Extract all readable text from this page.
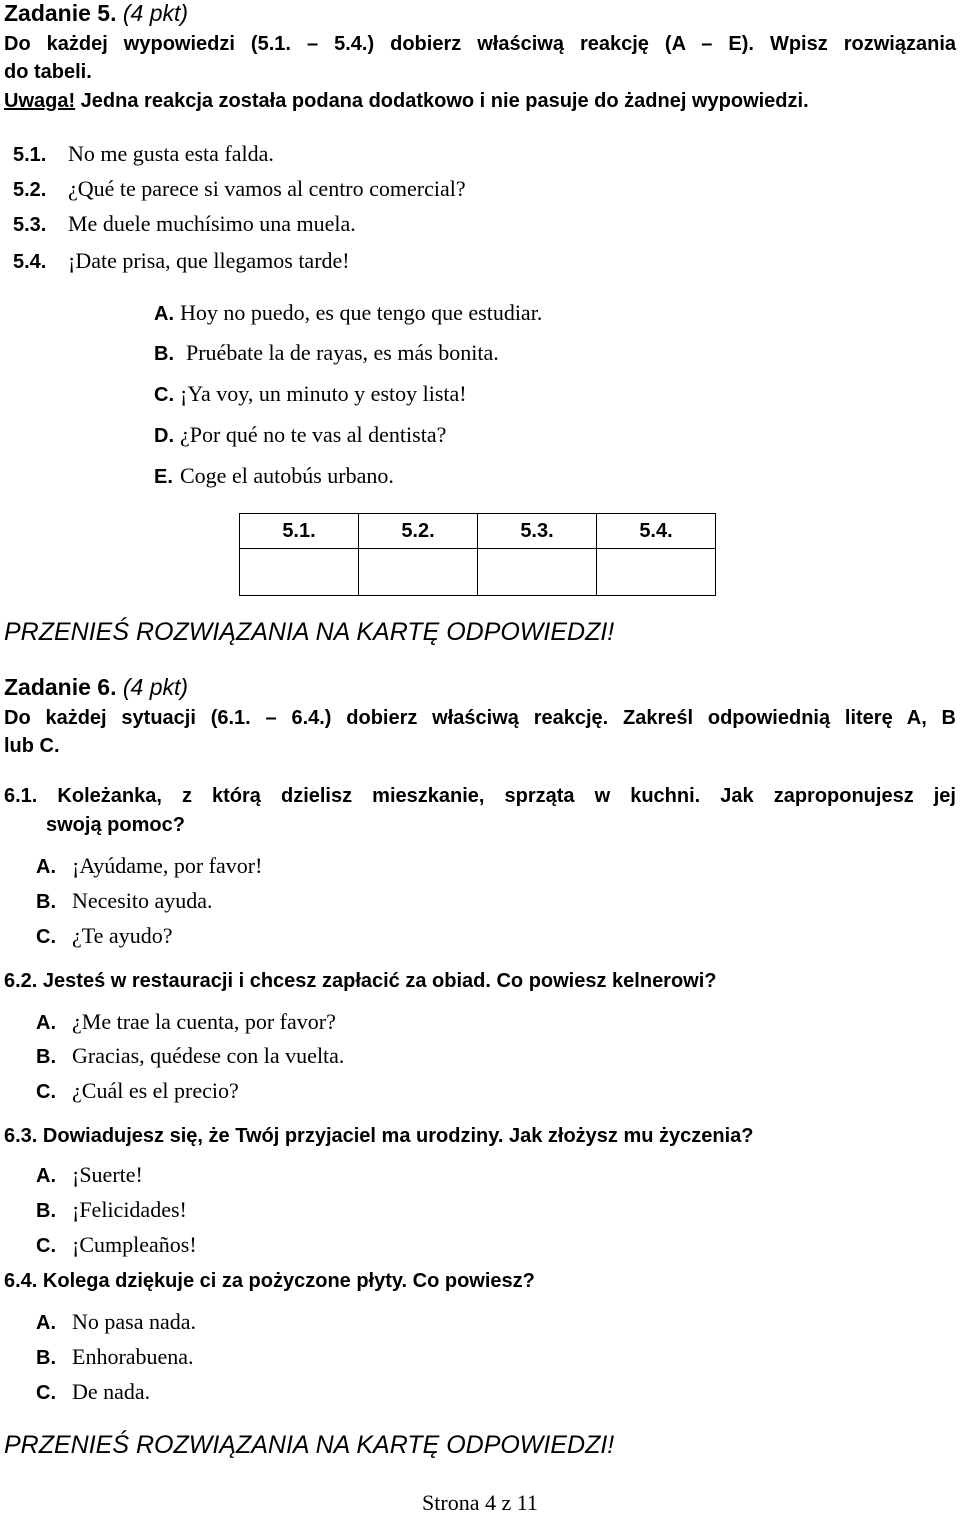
Zadanie 5. (4 pkt)
Do każdej wypowiedzi (5.1. – 5.4.) dobierz właściwą reakcję (A – E). Wpisz rozwiązania
do tabeli.
Uwaga! Jedna reakcja została podana dodatkowo i nie pasuje do żadnej wypowiedzi.
5.1. No me gusta esta falda.
5.2. ¿Qué te parece si vamos al centro comercial?
5.3. Me duele muchísimo una muela.
5.4. ¡Date prisa, que llegamos tarde!
A. Hoy no puedo, es que tengo que estudiar.
B. Pruébate la de rayas, es más bonita.
C. ¡Ya voy, un minuto y estoy lista!
D. ¿Por qué no te vas al dentista?
E. Coge el autobús urbano.
5.1.	5.2.	5.3.	5.4.

PRZENIEŚ ROZWIĄZANIA NA KARTĘ ODPOWIEDZI!
Zadanie 6. (4 pkt)
Do każdej sytuacji (6.1. – 6.4.) dobierz właściwą reakcję. Zakreśl odpowiednią literę A, B
lub C.
6.1. Koleżanka, z którą dzielisz mieszkanie, sprząta w kuchni. Jak zaproponujesz jej
swoją pomoc?
A. ¡Ayúdame, por favor!
B. Necesito ayuda.
C. ¿Te ayudo?
6.2. Jesteś w restauracji i chcesz zapłacić za obiad. Co powiesz kelnerowi?
A. ¿Me trae la cuenta, por favor?
B. Gracias, quédese con la vuelta.
C. ¿Cuál es el precio?
6.3. Dowiadujesz się, że Twój przyjaciel ma urodziny. Jak złożysz mu życzenia?
A. ¡Suerte!
B. ¡Felicidades!
C. ¡Cumpleaños!
6.4. Kolega dziękuje ci za pożyczone płyty. Co powiesz?
A. No pasa nada.
B. Enhorabuena.
C. De nada.
PRZENIEŚ ROZWIĄZANIA NA KARTĘ ODPOWIEDZI!
Strona 4 z 11
